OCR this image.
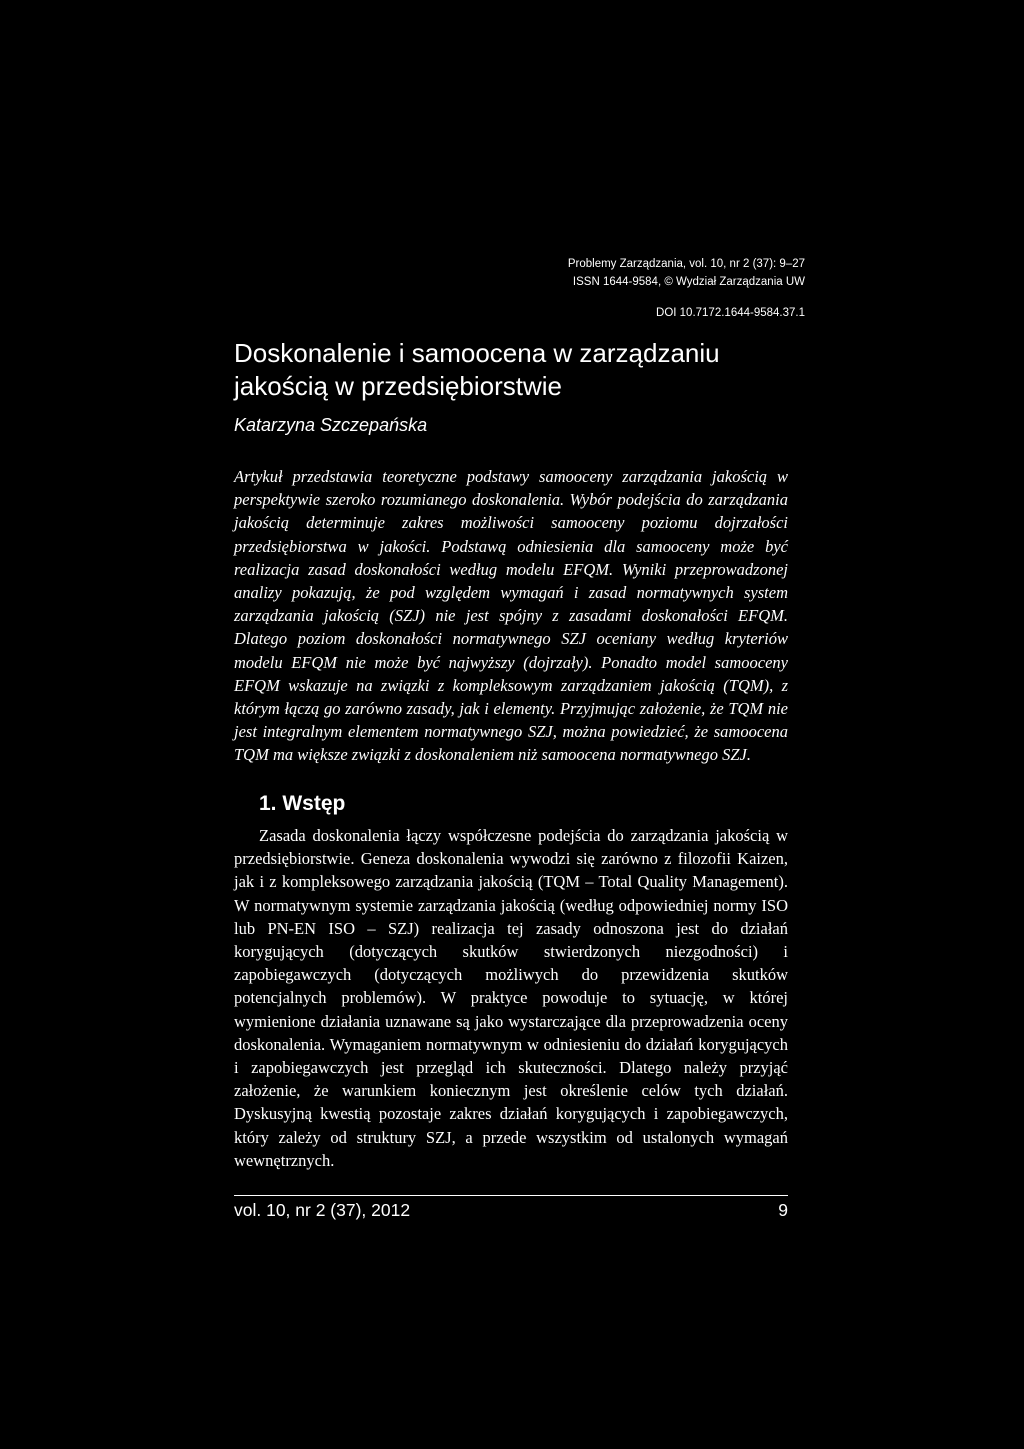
Problemy Zarządzania, vol. 10, nr 2 (37): 9–27
ISSN 1644-9584, © Wydział Zarządzania UW
DOI 10.7172.1644-9584.37.1
Doskonalenie i samoocena w zarządzaniu jakością w przedsiębiorstwie
Katarzyna Szczepańska

Artykuł przedstawia teoretyczne podstawy samooceny zarządzania jakością w perspektywie szeroko rozumianego doskonalenia. Wybór podejścia do zarządzania jakością determinuje zakres możliwości samooceny poziomu dojrzałości przedsiębiorstwa w jakości. Podstawą odniesienia dla samooceny może być realizacja zasad doskonałości według modelu EFQM. Wyniki przeprowadzonej analizy pokazują, że pod względem wymagań i zasad normatywnych system zarządzania jakością (SZJ) nie jest spójny z zasadami doskonałości EFQM. Dlatego poziom doskonałości normatywnego SZJ oceniany według kryteriów modelu EFQM nie może być najwyższy (dojrzały). Ponadto model samooceny EFQM wskazuje na związki z kompleksowym zarządzaniem jakością (TQM), z którym łączą go zarówno zasady, jak i elementy. Przyjmując założenie, że TQM nie jest integralnym elementem normatywnego SZJ, można powiedzieć, że samoocena TQM ma większe związki z doskonaleniem niż samoocena normatywnego SZJ.

1. Wstęp

Zasada doskonalenia łączy współczesne podejścia do zarządzania jakością w przedsiębiorstwie. Geneza doskonalenia wywodzi się zarówno z filozofii Kaizen, jak i z kompleksowego zarządzania jakością (TQM – Total Quality Management). W normatywnym systemie zarządzania jakością (według odpowiedniej normy ISO lub PN-EN ISO – SZJ) realizacja tej zasady odnoszona jest do działań korygujących (dotyczących skutków stwierdzonych niezgodności) i zapobiegawczych (dotyczących możliwych do przewidzenia skutków potencjalnych problemów). W praktyce powoduje to sytuację, w której wymienione działania uznawane są jako wystarczające dla przeprowadzenia oceny doskonalenia. Wymaganiem normatywnym w odniesieniu do działań korygujących i zapobiegawczych jest przegląd ich skuteczności. Dlatego należy przyjąć założenie, że warunkiem koniecznym jest określenie celów tych działań. Dyskusyjną kwestią pozostaje zakres działań korygujących i zapobiegawczych, który zależy od struktury SZJ, a przede wszystkim od ustalonych wymagań wewnętrznych.

vol. 10, nr 2 (37), 2012	9
